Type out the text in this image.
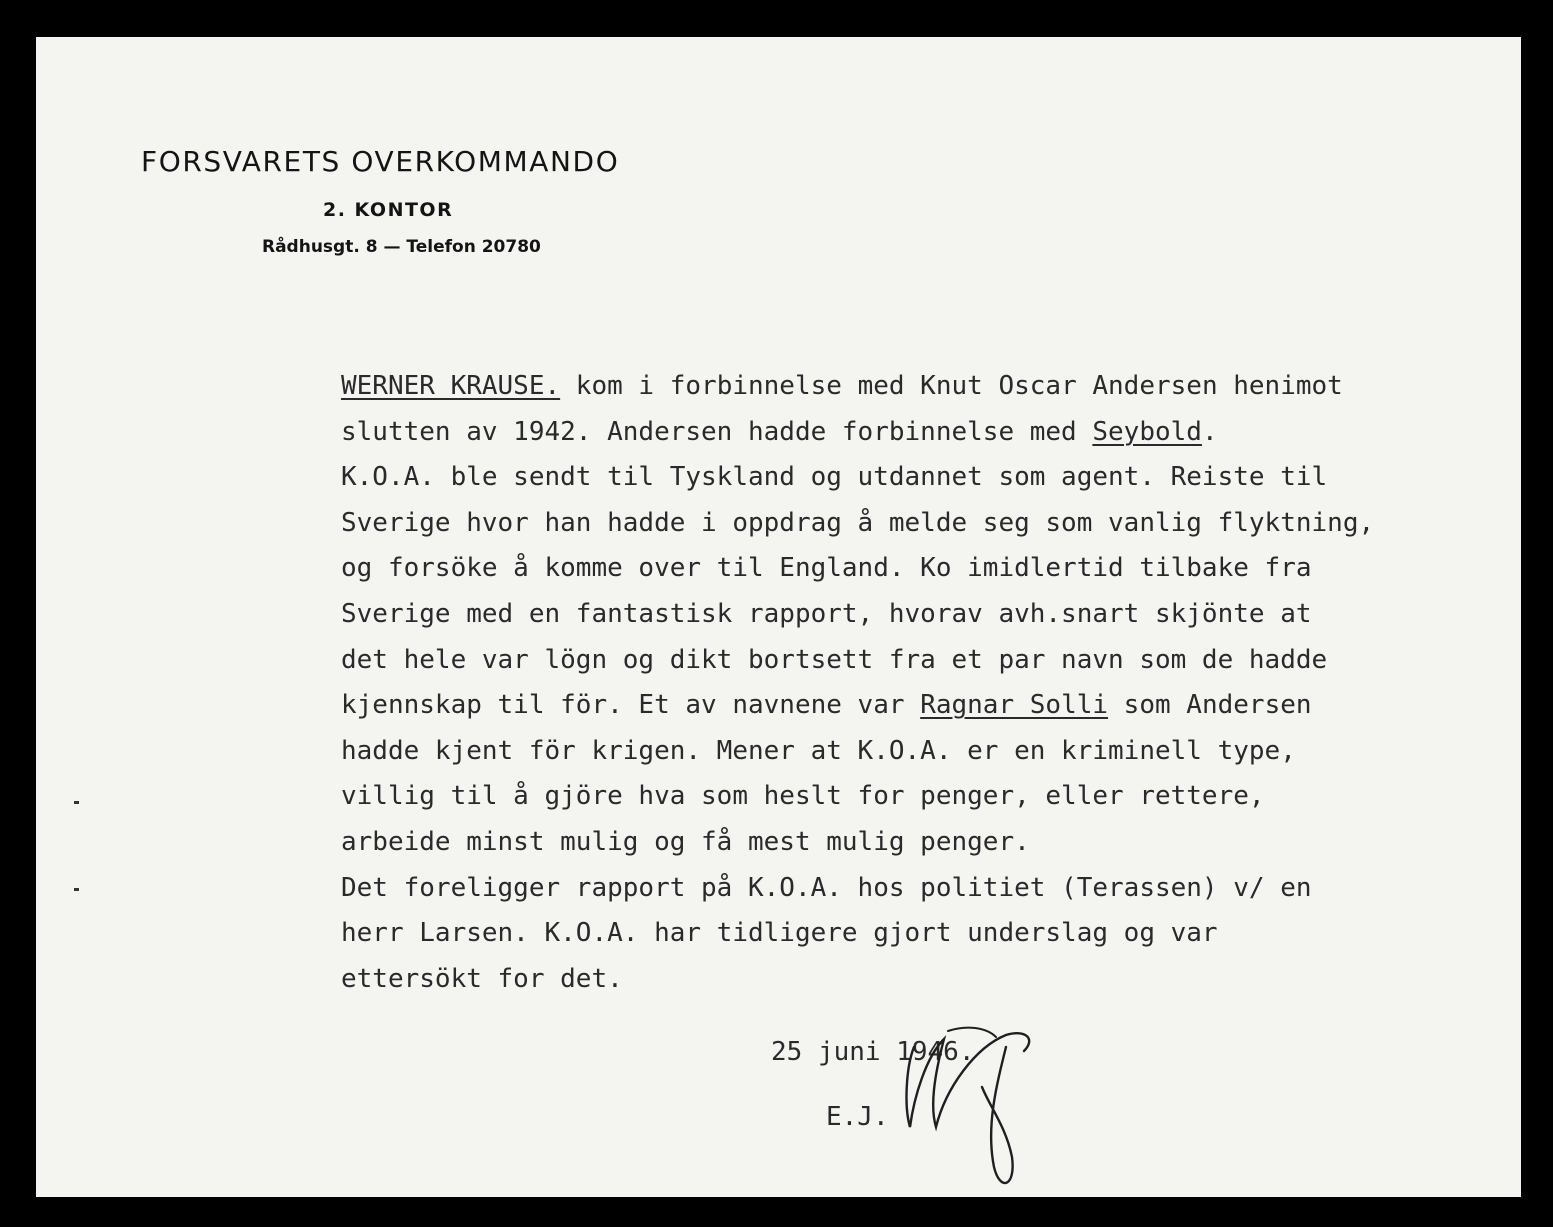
FORSVARETS OVERKOMMANDO
2. KONTOR
Rådhusgt. 8 — Telefon 20780
WERNER KRAUSE. kom i forbinnelse med Knut Oscar Andersen henimot
slutten av 1942. Andersen hadde forbinnelse med Seybold.
K.O.A. ble sendt til Tyskland og utdannet som agent. Reiste til
Sverige hvor han hadde i oppdrag å melde seg som vanlig flyktning,
og forsöke å komme over til England. Ko imidlertid tilbake fra
Sverige med en fantastisk rapport, hvorav avh.snart skjönte at
det hele var lögn og dikt bortsett fra et par navn som de hadde
kjennskap til för. Et av navnene var Ragnar Solli som Andersen
hadde kjent för krigen. Mener at K.O.A. er en kriminell type,
villig til å gjöre hva som heslt for penger, eller rettere,
arbeide minst mulig og få mest mulig penger.
Det foreligger rapport på K.O.A. hos politiet (Terassen) v/ en
herr Larsen. K.O.A. har tidligere gjort underslag og var
ettersökt for det.
25 juni 1946.
E.J.
